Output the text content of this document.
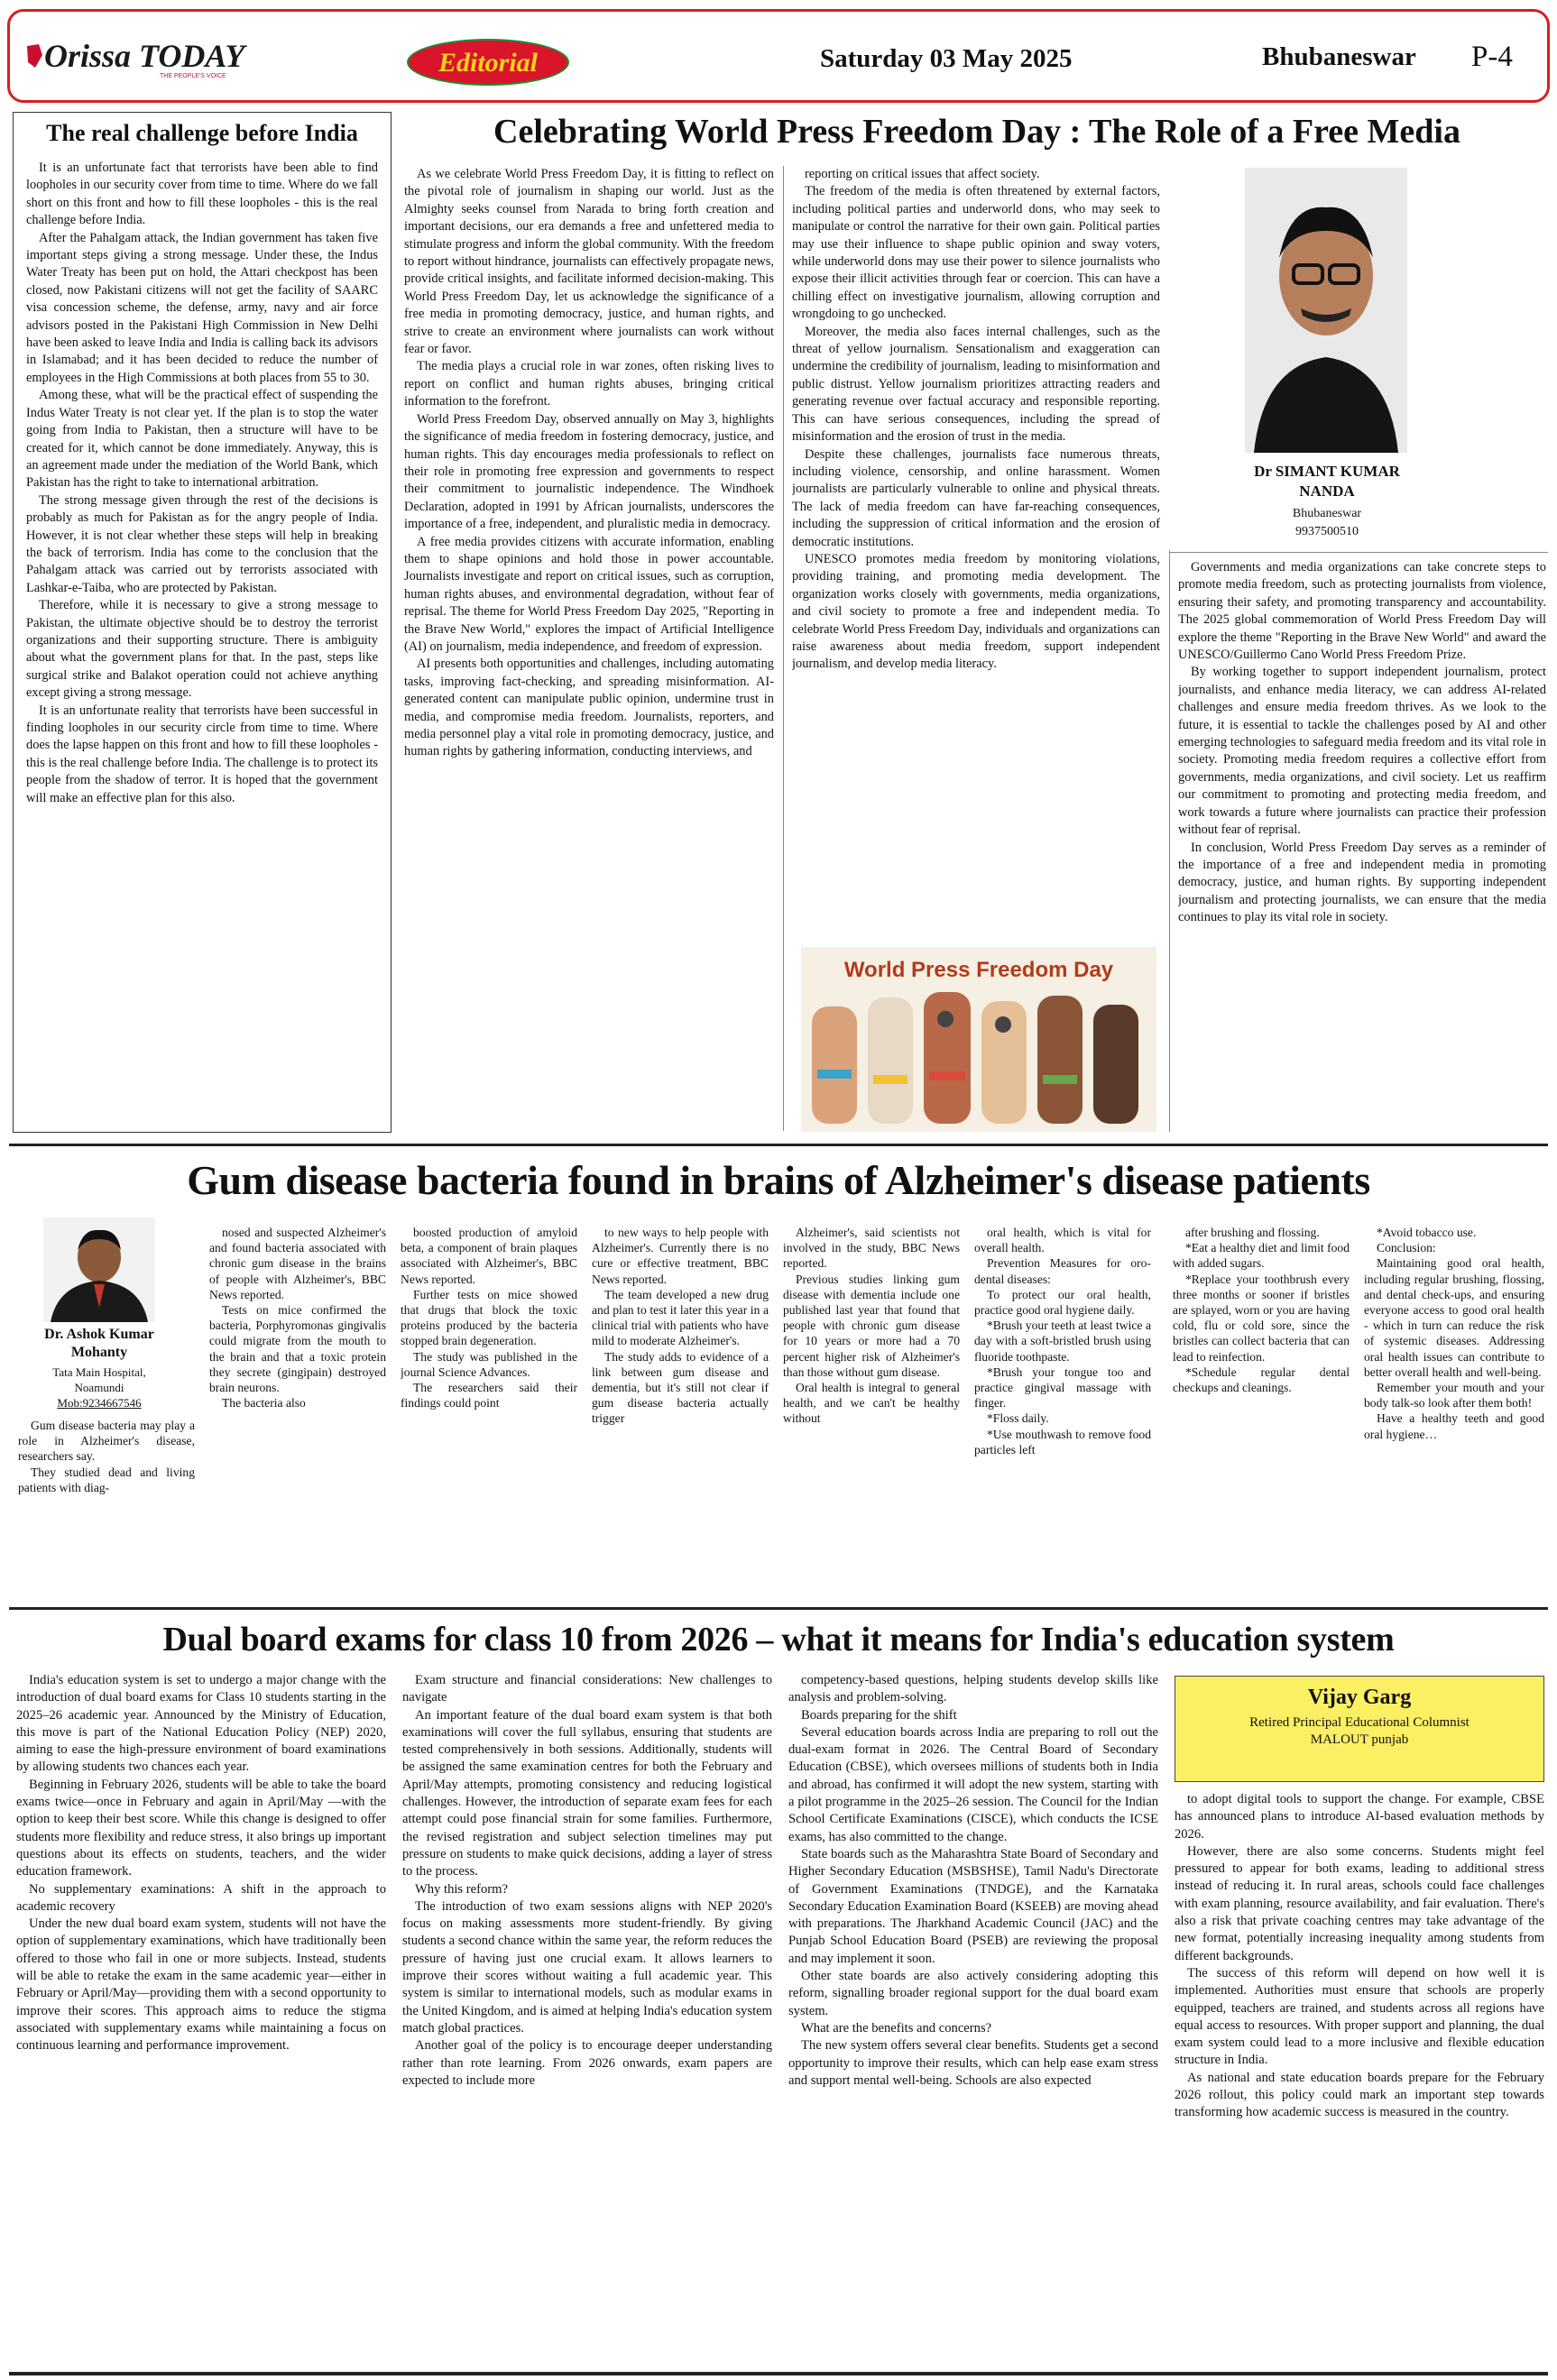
Orissa TODAY
THE PEOPLE'S VOICE	Editorial	Saturday 03 May 2025	Bhubaneswar P-4
The real challenge before India

It is an unfortunate fact that terrorists have been able to find loopholes in our security cover from time to time. Where do we fall short on this front and how to fill these loopholes - this is the real challenge before India.

After the Pahalgam attack, the Indian government has taken five important steps giving a strong message. Under these, the Indus Water Treaty has been put on hold, the Attari checkpost has been closed, now Pakistani citizens will not get the facility of SAARC visa concession scheme, the defense, army, navy and air force advisors posted in the Pakistani High Commission in New Delhi have been asked to leave India and India is calling back its advisors in Islamabad; and it has been decided to reduce the number of employees in the High Commissions at both places from 55 to 30.

Among these, what will be the practical effect of suspending the Indus Water Treaty is not clear yet. If the plan is to stop the water going from India to Pakistan, then a structure will have to be created for it, which cannot be done immediately. Anyway, this is an agreement made under the mediation of the World Bank, which Pakistan has the right to take to international arbitration.

The strong message given through the rest of the decisions is probably as much for Pakistan as for the angry people of India. However, it is not clear whether these steps will help in breaking the back of terrorism. India has come to the conclusion that the Pahalgam attack was carried out by terrorists associated with Lashkar-e-Taiba, who are protected by Pakistan.

Therefore, while it is necessary to give a strong message to Pakistan, the ultimate objective should be to destroy the terrorist organizations and their supporting structure. There is ambiguity about what the government plans for that. In the past, steps like surgical strike and Balakot operation could not achieve anything except giving a strong message.

It is an unfortunate reality that terrorists have been successful in finding loopholes in our security circle from time to time. Where does the lapse happen on this front and how to fill these loopholes - this is the real challenge before India. The challenge is to protect its people from the shadow of terror. It is hoped that the government will make an effective plan for this also.

Celebrating World Press Freedom Day : The Role of a Free Media

As we celebrate World Press Freedom Day, it is fitting to reflect on the pivotal role of journalism in shaping our world. Just as the Almighty seeks counsel from Narada to bring forth creation and important decisions, our era demands a free and unfettered media to stimulate progress and inform the global community. With the freedom to report without hindrance, journalists can effectively propagate news, provide critical insights, and facilitate informed decision-making. This World Press Freedom Day, let us acknowledge the significance of a free media in promoting democracy, justice, and human rights, and strive to create an environment where journalists can work without fear or favor.

The media plays a crucial role in war zones, often risking lives to report on conflict and human rights abuses, bringing critical information to the forefront.

World Press Freedom Day, observed annually on May 3, highlights the significance of media freedom in fostering democracy, justice, and human rights. This day encourages media professionals to reflect on their role in promoting free expression and governments to respect their commitment to journalistic independence. The Windhoek Declaration, adopted in 1991 by African journalists, underscores the importance of a free, independent, and pluralistic media in democracy.

A free media provides citizens with accurate information, enabling them to shape opinions and hold those in power accountable. Journalists investigate and report on critical issues, such as corruption, human rights abuses, and environmental degradation, without fear of reprisal. The theme for World Press Freedom Day 2025, "Reporting in the Brave New World," explores the impact of Artificial Intelligence (AI) on journalism, media independence, and freedom of expression.

AI presents both opportunities and challenges, including automating tasks, improving fact-checking, and spreading misinformation. AI-generated content can manipulate public opinion, undermine trust in media, and compromise media freedom. Journalists, reporters, and media personnel play a vital role in promoting democracy, justice, and human rights by gathering information, conducting interviews, and

reporting on critical issues that affect society.

The freedom of the media is often threatened by external factors, including political parties and underworld dons, who may seek to manipulate or control the narrative for their own gain. Political parties may use their influence to shape public opinion and sway voters, while underworld dons may use their power to silence journalists who expose their illicit activities through fear or coercion. This can have a chilling effect on investigative journalism, allowing corruption and wrongdoing to go unchecked.

Moreover, the media also faces internal challenges, such as the threat of yellow journalism. Sensationalism and exaggeration can undermine the credibility of journalism, leading to misinformation and public distrust. Yellow journalism prioritizes attracting readers and generating revenue over factual accuracy and responsible reporting. This can have serious consequences, including the spread of misinformation and the erosion of trust in the media.

Despite these challenges, journalists face numerous threats, including violence, censorship, and online harassment. Women journalists are particularly vulnerable to online and physical threats. The lack of media freedom can have far-reaching consequences, including the suppression of critical information and the erosion of democratic institutions.

UNESCO promotes media freedom by monitoring violations, providing training, and promoting media development. The organization works closely with governments, media organizations, and civil society to promote a free and independent media. To celebrate World Press Freedom Day, individuals and organizations can raise awareness about media freedom, support independent journalism, and develop media literacy.

World Press Freedom Day
Dr SIMANT KUMAR NANDA
Bhubaneswar
9937500510

Governments and media organizations can take concrete steps to promote media freedom, such as protecting journalists from violence, ensuring their safety, and promoting transparency and accountability. The 2025 global commemoration of World Press Freedom Day will explore the theme "Reporting in the Brave New World" and award the UNESCO/Guillermo Cano World Press Freedom Prize.

By working together to support independent journalism, protect journalists, and enhance media literacy, we can address AI-related challenges and ensure media freedom thrives. As we look to the future, it is essential to tackle the challenges posed by AI and other emerging technologies to safeguard media freedom and its vital role in society. Promoting media freedom requires a collective effort from governments, media organizations, and civil society. Let us reaffirm our commitment to promoting and protecting media freedom, and work towards a future where journalists can practice their profession without fear of reprisal.

In conclusion, World Press Freedom Day serves as a reminder of the importance of a free and independent media in promoting democracy, justice, and human rights. By supporting independent journalism and protecting journalists, we can ensure that the media continues to play its vital role in society.

Gum disease bacteria found in brains of Alzheimer's disease patients
Dr. Ashok Kumar Mohanty
Tata Main Hospital,
Noamundi
Mob:9234667546

Gum disease bacteria may play a role in Alzheimer's disease, researchers say.

They studied dead and living patients with diag-

nosed and suspected Alzheimer's and found bacteria associated with chronic gum disease in the brains of people with Alzheimer's, BBC News reported.

Tests on mice confirmed the bacteria, Porphyromonas gingivalis could migrate from the mouth to the brain and that a toxic protein they secrete (gingipain) destroyed brain neurons.

The bacteria also

boosted production of amyloid beta, a component of brain plaques associated with Alzheimer's, BBC News reported.

Further tests on mice showed that drugs that block the toxic proteins produced by the bacteria stopped brain degeneration.

The study was published in the journal Science Advances.

The researchers said their findings could point

to new ways to help people with Alzheimer's. Currently there is no cure or effective treatment, BBC News reported.

The team developed a new drug and plan to test it later this year in a clinical trial with patients who have mild to moderate Alzheimer's.

The study adds to evidence of a link between gum disease and dementia, but it's still not clear if gum disease bacteria actually trigger

Alzheimer's, said scientists not involved in the study, BBC News reported.

Previous studies linking gum disease with dementia include one published last year that found that people with chronic gum disease for 10 years or more had a 70 percent higher risk of Alzheimer's than those without gum disease.

Oral health is integral to general health, and we can't be healthy without

oral health, which is vital for overall health.

Prevention Measures for oro-dental diseases:

To protect our oral health, practice good oral hygiene daily.

*Brush your teeth at least twice a day with a soft-bristled brush using fluoride toothpaste.

*Brush your tongue too and practice gingival massage with finger.

*Floss daily.

*Use mouthwash to remove food particles left

after brushing and flossing.

*Eat a healthy diet and limit food with added sugars.

*Replace your toothbrush every three months or sooner if bristles are splayed, worn or you are having cold, flu or cold sore, since the bristles can collect bacteria that can lead to reinfection.

*Schedule regular dental checkups and cleanings.

*Avoid tobacco use.

Conclusion:

Maintaining good oral health, including regular brushing, flossing, and dental check-ups, and ensuring everyone access to good oral health - which in turn can reduce the risk of systemic diseases. Addressing oral health issues can contribute to better overall health and well-being.

Remember your mouth and your body talk-so look after them both!

Have a healthy teeth and good oral hygiene…

Dual board exams for class 10 from 2026 – what it means for India's education system

India's education system is set to undergo a major change with the introduction of dual board exams for Class 10 students starting in the 2025–26 academic year. Announced by the Ministry of Education, this move is part of the National Education Policy (NEP) 2020, aiming to ease the high-pressure environment of board examinations by allowing students two chances each year.

Beginning in February 2026, students will be able to take the board exams twice—once in February and again in April/May —with the option to keep their best score. While this change is designed to offer students more flexibility and reduce stress, it also brings up important questions about its effects on students, teachers, and the wider education framework.

No supplementary examinations: A shift in the approach to academic recovery

Under the new dual board exam system, students will not have the option of supplementary examinations, which have traditionally been offered to those who fail in one or more subjects. Instead, students will be able to retake the exam in the same academic year—either in February or April/May—providing them with a second opportunity to improve their scores. This approach aims to reduce the stigma associated with supplementary exams while maintaining a focus on continuous learning and performance improvement.

Exam structure and financial considerations: New challenges to navigate

An important feature of the dual board exam system is that both examinations will cover the full syllabus, ensuring that students are tested comprehensively in both sessions. Additionally, students will be assigned the same examination centres for both the February and April/May attempts, promoting consistency and reducing logistical challenges. However, the introduction of separate exam fees for each attempt could pose financial strain for some families. Furthermore, the revised registration and subject selection timelines may put pressure on students to make quick decisions, adding a layer of stress to the process.

Why this reform?

The introduction of two exam sessions aligns with NEP 2020's focus on making assessments more student-friendly. By giving students a second chance within the same year, the reform reduces the pressure of having just one crucial exam. It allows learners to improve their scores without waiting a full academic year. This system is similar to international models, such as modular exams in the United Kingdom, and is aimed at helping India's education system match global practices.

Another goal of the policy is to encourage deeper understanding rather than rote learning. From 2026 onwards, exam papers are expected to include more

competency-based questions, helping students develop skills like analysis and problem-solving.

Boards preparing for the shift

Several education boards across India are preparing to roll out the dual-exam format in 2026. The Central Board of Secondary Education (CBSE), which oversees millions of students both in India and abroad, has confirmed it will adopt the new system, starting with a pilot programme in the 2025–26 session. The Council for the Indian School Certificate Examinations (CISCE), which conducts the ICSE exams, has also committed to the change.

State boards such as the Maharashtra State Board of Secondary and Higher Secondary Education (MSBSHSE), Tamil Nadu's Directorate of Government Examinations (TNDGE), and the Karnataka Secondary Education Examination Board (KSEEB) are moving ahead with preparations. The Jharkhand Academic Council (JAC) and the Punjab School Education Board (PSEB) are reviewing the proposal and may implement it soon.

Other state boards are also actively considering adopting this reform, signalling broader regional support for the dual board exam system.

What are the benefits and concerns?

The new system offers several clear benefits. Students get a second opportunity to improve their results, which can help ease exam stress and support mental well-being. Schools are also expected

Vijay Garg
Retired Principal Educational Columnist
MALOUT punjab

to adopt digital tools to support the change. For example, CBSE has announced plans to introduce AI-based evaluation methods by 2026.

However, there are also some concerns. Students might feel pressured to appear for both exams, leading to additional stress instead of reducing it. In rural areas, schools could face challenges with exam planning, resource availability, and fair evaluation. There's also a risk that private coaching centres may take advantage of the new format, potentially increasing inequality among students from different backgrounds.

The success of this reform will depend on how well it is implemented. Authorities must ensure that schools are properly equipped, teachers are trained, and students across all regions have equal access to resources. With proper support and planning, the dual exam system could lead to a more inclusive and flexible education structure in India.

As national and state education boards prepare for the February 2026 rollout, this policy could mark an important step towards transforming how academic success is measured in the country.
